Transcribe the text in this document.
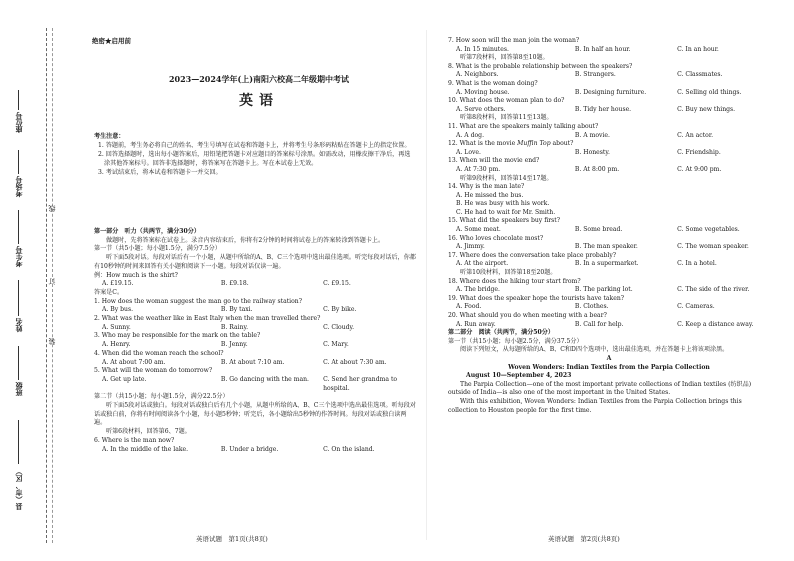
座位号
考场号
考生号
姓名
班级
县（市、区）
线
订
装
绝密★启用前
2023—2024学年(上)南阳六校高二年级期中考试
英语
考生注意：
1. 答题前，考生务必将自己的姓名、考生号填写在试卷和答题卡上，并将考生号条形码粘贴在答题卡上的指定位置。
2. 回答选择题时，选出每小题答案后，用铅笔把答题卡对应题目的答案标号涂黑。如需改动，用橡皮擦干净后，再选涂其他答案标号。回答非选择题时，将答案写在答题卡上。写在本试卷上无效。
3. 考试结束后，将本试卷和答题卡一并交回。
第一部分　听力（共两节，满分30分）
做题时，先将答案标在试卷上。录音内容结束后，你将有2分钟的时间将试卷上的答案转涂到答题卡上。
第一节（共5小题；每小题1.5分，满分7.5分）
听下面5段对话。每段对话后有一个小题，从题中所给的A、B、C三个选项中选出最佳选项。听完每段对话后，你都有10秒钟的时间来回答有关小题和阅读下一小题。每段对话仅读一遍。
例：How much is the shirt?
A. £19.15.	B. £9.18.	C. £9.15.
答案是C。
1. How does the woman suggest the man go to the railway station?
A. By bus.	B. By taxi.	C. By bike.
2. What was the weather like in East Italy when the man travelled there?
A. Sunny.	B. Rainy.	C. Cloudy.
3. Who may be responsible for the mark on the table?
A. Henry.	B. Jenny.	C. Mary.
4. When did the woman reach the school?
A. At about 7:00 am.	B. At about 7:10 am.	C. At about 7:30 am.
5. What will the woman do tomorrow?
A. Get up late.	B. Go dancing with the man.	C. Send her grandma to hospital.
第二节（共15小题；每小题1.5分，满分22.5分）
听下面5段对话或独白。每段对话或独白后有几个小题，从题中所给的A、B、C三个选项中选出最佳选项。听每段对话或独白前，你将有时间阅读各个小题，每小题5秒钟；听完后，各小题给出5秒钟的作答时间。每段对话或独白读两遍。
听第6段材料，回答第6、7题。
6. Where is the man now?
A. In the middle of the lake.	B. Under a bridge.	C. On the island.
7. How soon will the man join the woman?
A. In 15 minutes.	B. In half an hour.	C. In an hour.
听第7段材料，回答第8至10题。
8. What is the probable relationship between the speakers?
A. Neighbors.	B. Strangers.	C. Classmates.
9. What is the woman doing?
A. Moving house.	B. Designing furniture.	C. Selling old things.
10. What does the woman plan to do?
A. Serve others.	B. Tidy her house.	C. Buy new things.
听第8段材料，回答第11至13题。
11. What are the speakers mainly talking about?
A. A dog.	B. A movie.	C. An actor.
12. What is the movie Muffin Top about?
A. Love.	B. Honesty.	C. Friendship.
13. When will the movie end?
A. At 7:30 pm.	B. At 8:00 pm.	C. At 9:00 pm.
听第9段材料，回答第14至17题。
14. Why is the man late?
A. He missed the bus.
B. He was busy with his work.
C. He had to wait for Mr. Smith.
15. What did the speakers buy first?
A. Some meat.	B. Some bread.	C. Some vegetables.
16. Who loves chocolate most?
A. Jimmy.	B. The man speaker.	C. The woman speaker.
17. Where does the conversation take place probably?
A. At the airport.	B. In a supermarket.	C. In a hotel.
听第10段材料，回答第18至20题。
18. Where does the hiking tour start from?
A. The bridge.	B. The parking lot.	C. The side of the river.
19. What does the speaker hope the tourists have taken?
A. Food.	B. Clothes.	C. Cameras.
20. What should you do when meeting with a bear?
A. Run away.	B. Call for help.	C. Keep a distance away.
第二部分　阅读（共两节，满分50分）
第一节（共15小题；每小题2.5分，满分37.5分）
阅读下列短文，从每题所给的A、B、C和D四个选项中，选出最佳选项，并在答题卡上将该项涂黑。
A
Woven Wonders: Indian Textiles from the Parpia Collection
August 10—September 4, 2023
The Parpia Collection—one of the most important private collections of Indian textiles (纺织品) outside of India—is also one of the most important in the United States.
With this exhibition, Woven Wonders: Indian Textiles from the Parpia Collection brings this collection to Houston people for the first time.
英语试题　第1页(共8页)	英语试题　第2页(共8页)
